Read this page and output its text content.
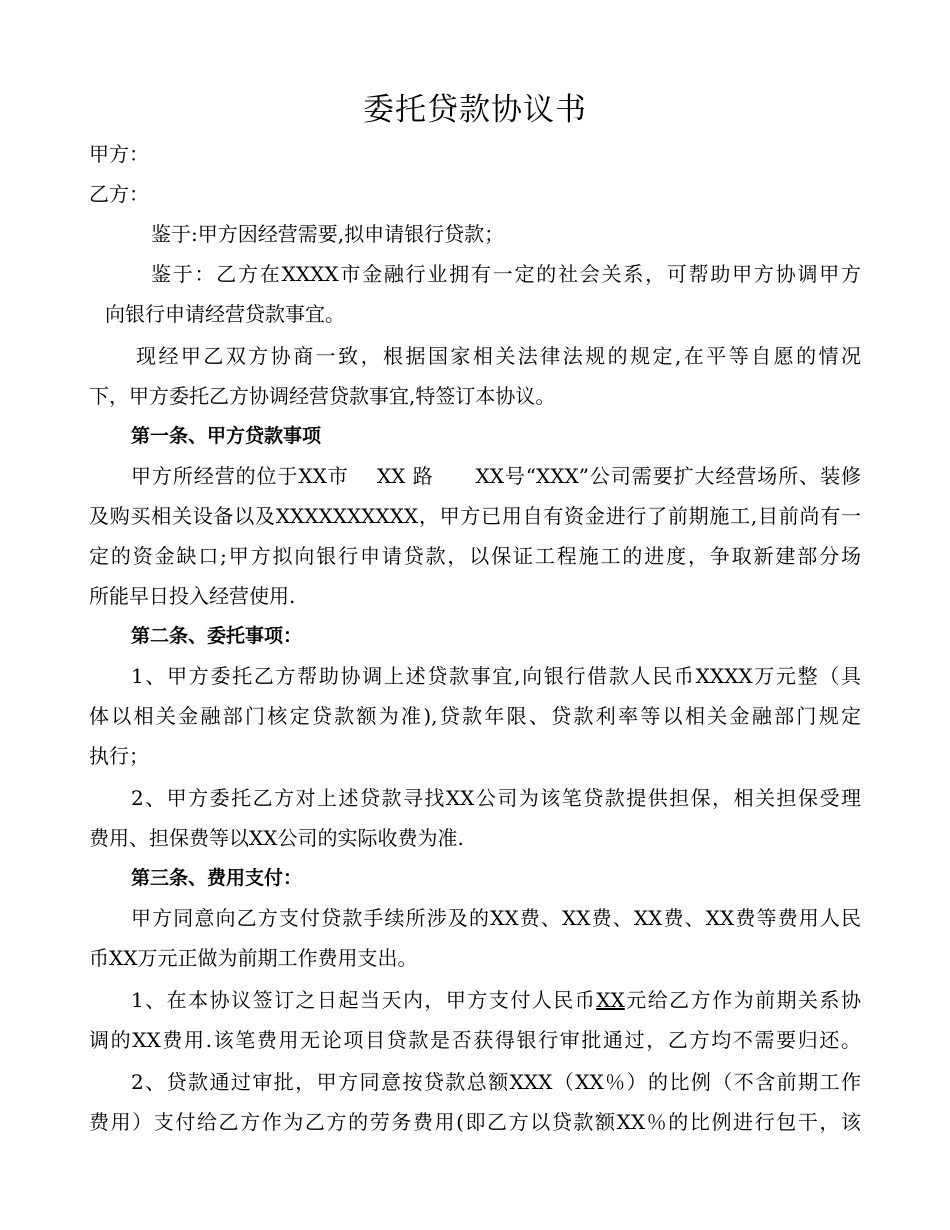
委托贷款协议书
甲方：
乙方：
鉴于:甲方因经营需要,拟申请银行贷款；
鉴于：乙方在XXXX市金融行业拥有一定的社会关系，可帮助甲方协调甲方
向银行申请经营贷款事宜。
现经甲乙双方协商一致，根据国家相关法律法规的规定,在平等自愿的情况
下，甲方委托乙方协调经营贷款事宜,特签订本协议。
第一条、甲方贷款事项
甲方所经营的位于XX市　 XX 路　　XX号“XXX”公司需要扩大经营场所、装修
及购买相关设备以及XXXXXXXXXX，甲方已用自有资金进行了前期施工,目前尚有一
定的资金缺口;甲方拟向银行申请贷款，以保证工程施工的进度，争取新建部分场
所能早日投入经营使用.
第二条、委托事项：
1、甲方委托乙方帮助协调上述贷款事宜,向银行借款人民币XXXX万元整（具
体以相关金融部门核定贷款额为准),贷款年限、贷款利率等以相关金融部门规定
执行；
2、甲方委托乙方对上述贷款寻找XX公司为该笔贷款提供担保，相关担保受理
费用、担保费等以XX公司的实际收费为准.
第三条、费用支付：
甲方同意向乙方支付贷款手续所涉及的XX费、XX费、XX费、XX费等费用人民
币XX万元正做为前期工作费用支出。
1、在本协议签订之日起当天内，甲方支付人民币XX元给乙方作为前期关系协
调的XX费用.该笔费用无论项目贷款是否获得银行审批通过，乙方均不需要归还。
2、贷款通过审批，甲方同意按贷款总额XXX（XX％）的比例（不含前期工作
费用）支付给乙方作为乙方的劳务费用(即乙方以贷款额XX％的比例进行包干，该
